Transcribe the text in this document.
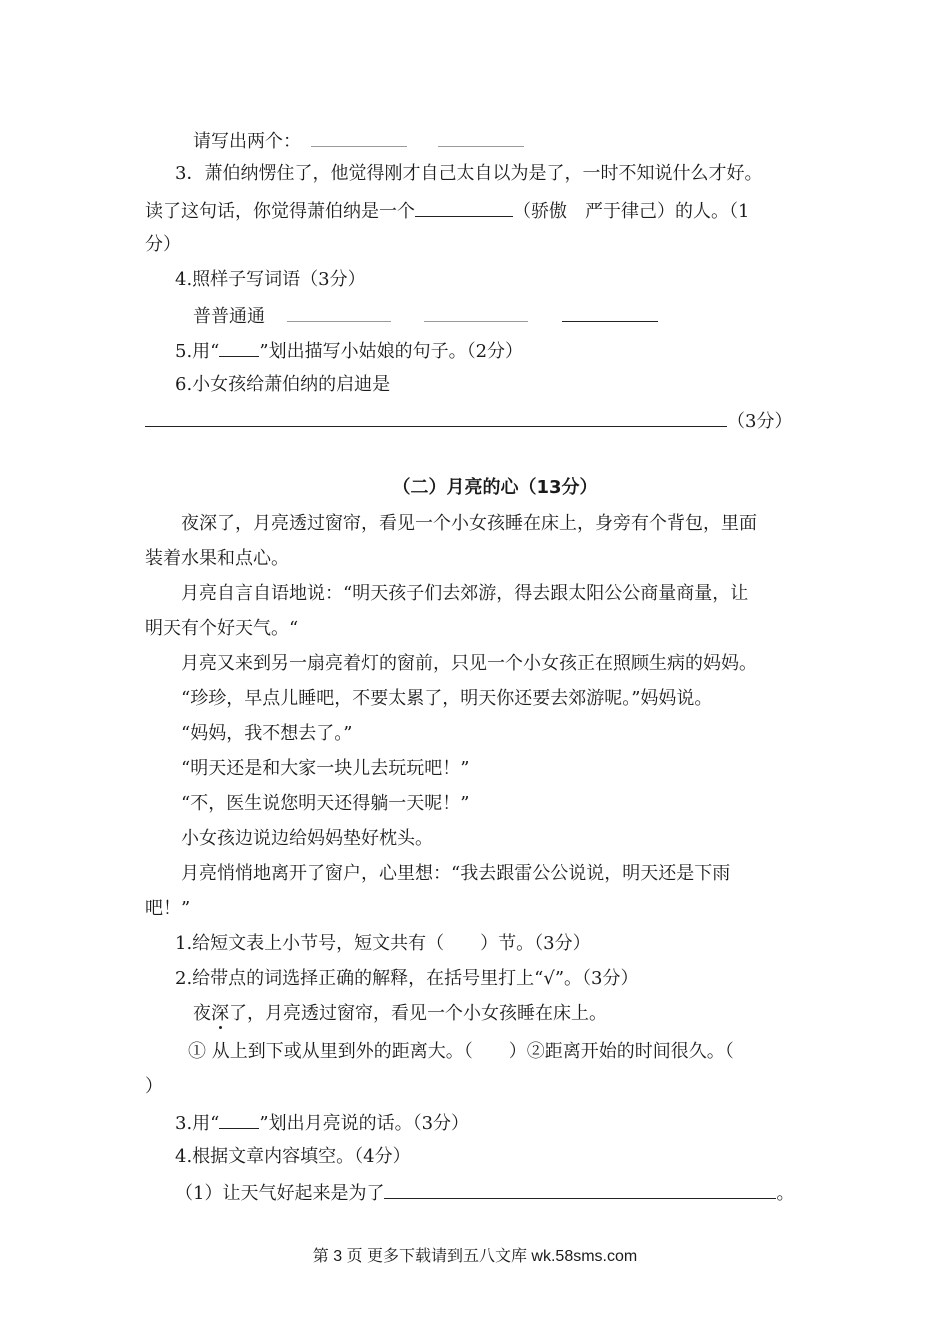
请写出两个：
3．萧伯纳愣住了，他觉得刚才自己太自以为是了，一时不知说什么才好。
读了这句话，你觉得萧伯纳是一个	（骄傲　严于律己）的人。（1
分）
4.照样子写词语（3分）
普普通通
5.用“ ”划出描写小姑娘的句子。（2分）
6.小女孩给萧伯纳的启迪是
（3分）
（二）月亮的心（13分）
夜深了，月亮透过窗帘，看见一个小女孩睡在床上，身旁有个背包，里面
装着水果和点心。
月亮自言自语地说：“明天孩子们去郊游，得去跟太阳公公商量商量，让
明天有个好天气。“
月亮又来到另一扇亮着灯的窗前，只见一个小女孩正在照顾生病的妈妈。
“珍珍，早点儿睡吧，不要太累了，明天你还要去郊游呢。”妈妈说。
“妈妈，我不想去了。”
“明天还是和大家一块儿去玩玩吧！”
“不，医生说您明天还得躺一天呢！”
小女孩边说边给妈妈垫好枕头。
月亮悄悄地离开了窗户，心里想：“我去跟雷公公说说，明天还是下雨
吧！”
1.给短文表上小节号，短文共有（　　）节。（3分）
2.给带点的词选择正确的解释，在括号里打上“√”。（3分）
夜深了，月亮透过窗帘，看见一个小女孩睡在床上。
① 从上到下或从里到外的距离大。（　　）②距离开始的时间很久。（
）
3.用“ ”划出月亮说的话。（3分）
4.根据文章内容填空。（4分）
（1）让天气好起来是为了	。
第 3 页 更多下载请到五八文库 wk.58sms.com
